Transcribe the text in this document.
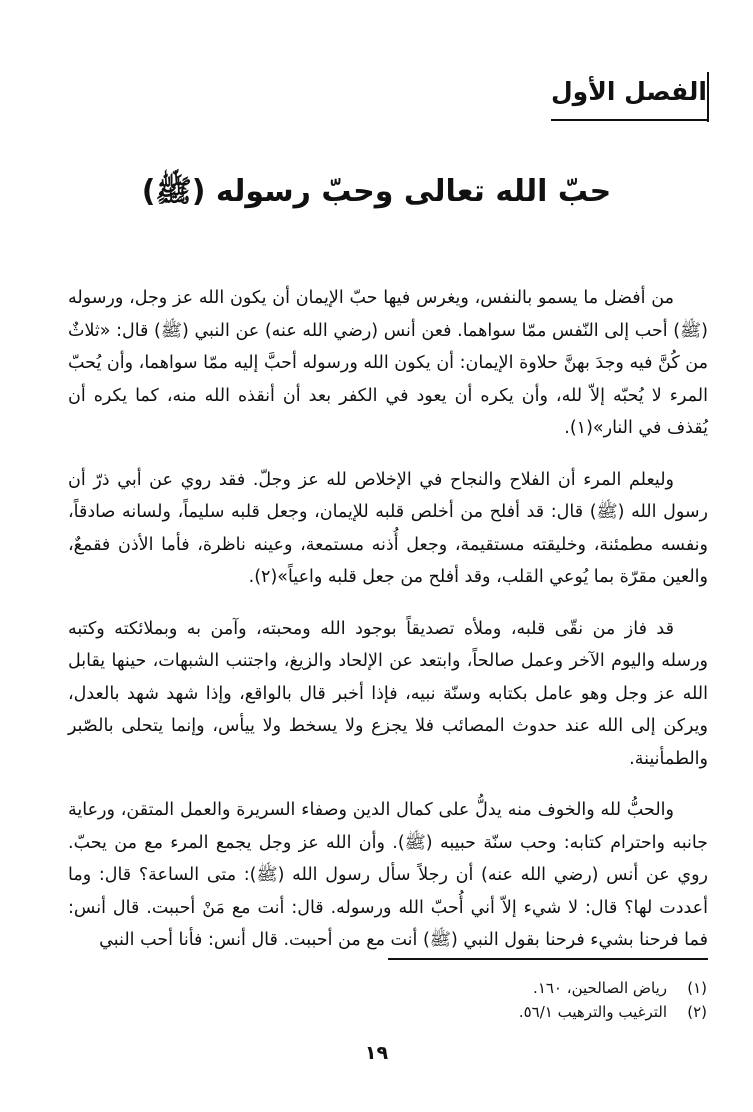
الفصل الأول
حبّ الله تعالى وحبّ رسوله (ﷺ)

من أفضل ما يسمو بالنفس، ويغرس فيها حبّ الإيمان أن يكون الله عز وجل، ورسوله (ﷺ) أحب إلى النّفس ممّا سواهما. فعن أنس (رضي الله عنه) عن النبي (ﷺ) قال: «ثلاثٌ من كُنَّ فيه وجدَ بهنَّ حلاوة الإيمان: أن يكون الله ورسوله أحبَّ إليه ممّا سواهما، وأن يُحبّ المرء لا يُحبّه إلاّ لله، وأن يكره أن يعود في الكفر بعد أن أنقذه الله منه، كما يكره أن يُقذف في النار»(١).

وليعلم المرء أن الفلاح والنجاح في الإخلاص لله عز وجلّ. فقد روي عن أبي ذرّ أن رسول الله (ﷺ) قال: قد أفلح من أخلص قلبه للإيمان، وجعل قلبه سليماً، ولسانه صادقاً، ونفسه مطمئنة، وخليقته مستقيمة، وجعل أُذنه مستمعة، وعينه ناظرة، فأما الأذن فقمعٌ، والعين مقرّة بما يُوعي القلب، وقد أفلح من جعل قلبه واعياً»(٢).

قد فاز من نقّى قلبه، وملأه تصديقاً بوجود الله ومحبته، وآمن به وبملائكته وكتبه ورسله واليوم الآخر وعمل صالحاً، وابتعد عن الإلحاد والزيغ، واجتنب الشبهات، حينها يقابل الله عز وجل وهو عامل بكتابه وسنّة نبيه، فإذا أخبر قال بالواقع، وإذا شهد شهد بالعدل، ويركن إلى الله عند حدوث المصائب فلا يجزع ولا يسخط ولا ييأس، وإنما يتحلى بالصّبر والطمأنينة.

والحبُّ لله والخوف منه يدلُّ على كمال الدين وصفاء السريرة والعمل المتقن، ورعاية جانبه واحترام كتابه: وحب سنّة حبيبه (ﷺ). وأن الله عز وجل يجمع المرء مع من يحبّ. روي عن أنس (رضي الله عنه) أن رجلاً سأل رسول الله (ﷺ): متى الساعة؟ قال: وما أعددت لها؟ قال: لا شيء إلاّ أني أُحبّ الله ورسوله. قال: أنت مع مَنْ أحببت. قال أنس: فما فرحنا بشيء فرحنا بقول النبي (ﷺ) أنت مع من أحببت. قال أنس: فأنا أحب النبي

(١)
رياض الصالحين، ١٦٠.
(٢)
الترغيب والترهيب ٥٦/١.
١٩
